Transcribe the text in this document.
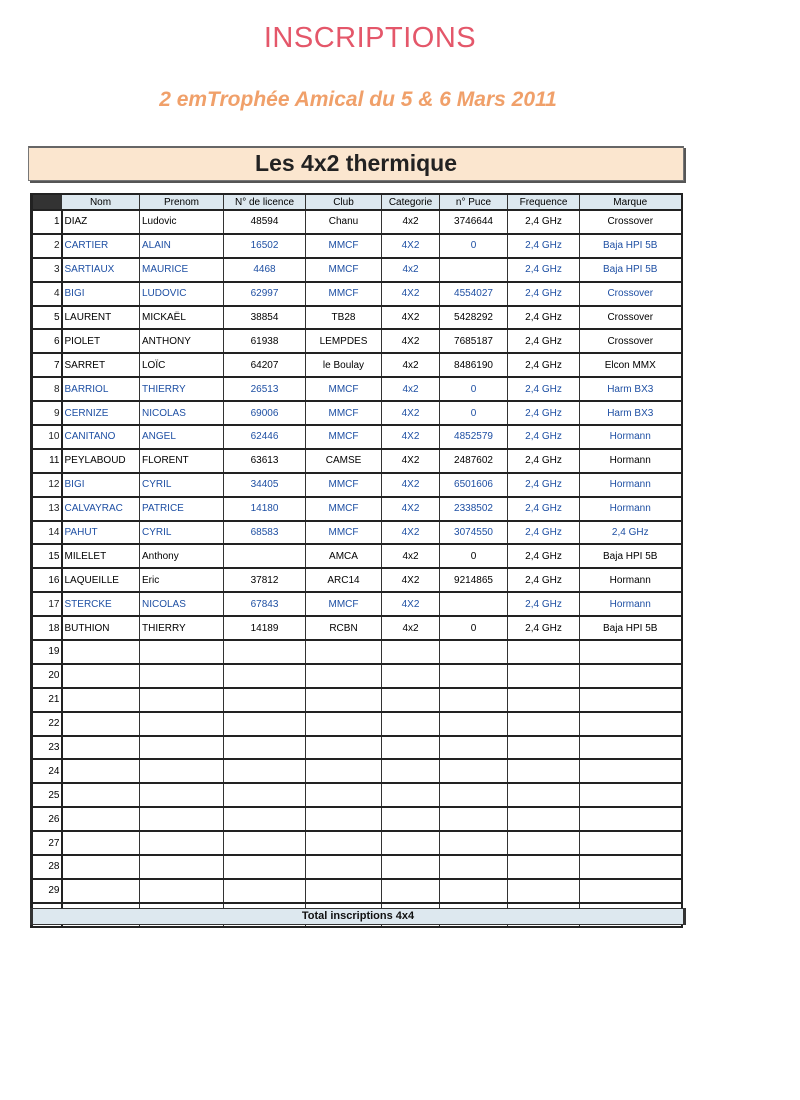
INSCRIPTIONS
2 emTrophée Amical du 5 & 6 Mars 2011
Les 4x2 thermique
	Nom	Prenom	N° de licence	Club	Categorie	n° Puce	Frequence	Marque
1	DIAZ	Ludovic	48594	Chanu	4x2	3746644	2,4 GHz	Crossover
2	CARTIER	ALAIN	16502	MMCF	4X2	0	2,4 GHz	Baja HPI 5B
3	SARTIAUX	MAURICE	4468	MMCF	4x2		2,4 GHz	Baja HPI 5B
4	BIGI	LUDOVIC	62997	MMCF	4X2	4554027	2,4 GHz	Crossover
5	LAURENT	MICKAËL	38854	TB28	4X2	5428292	2,4 GHz	Crossover
6	PIOLET	ANTHONY	61938	LEMPDES	4X2	7685187	2,4 GHz	Crossover
7	SARRET	LOÏC	64207	le Boulay	4x2	8486190	2,4 GHz	Elcon MMX
8	BARRIOL	THIERRY	26513	MMCF	4x2	0	2,4 GHz	Harm BX3
9	CERNIZE	NICOLAS	69006	MMCF	4X2	0	2,4 GHz	Harm BX3
10	CANITANO	ANGEL	62446	MMCF	4X2	4852579	2,4 GHz	Hormann
11	PEYLABOUD	FLORENT	63613	CAMSE	4X2	2487602	2,4 GHz	Hormann
12	BIGI	CYRIL	34405	MMCF	4X2	6501606	2,4 GHz	Hormann
13	CALVAYRAC	PATRICE	14180	MMCF	4X2	2338502	2,4 GHz	Hormann
14	PAHUT	CYRIL	68583	MMCF	4X2	3074550	2,4 GHz	2,4 GHz
15	MILELET	Anthony		AMCA	4x2	0	2,4 GHz	Baja HPI 5B
16	LAQUEILLE	Eric	37812	ARC14	4X2	9214865	2,4 GHz	Hormann
17	STERCKE	NICOLAS	67843	MMCF	4X2		2,4 GHz	Hormann
18	BUTHION	THIERRY	14189	RCBN	4x2	0	2,4 GHz	Baja HPI 5B
19								
20								
21								
22								
23								
24								
25								
26								
27								
28								
29								

Total inscriptions 4x4
